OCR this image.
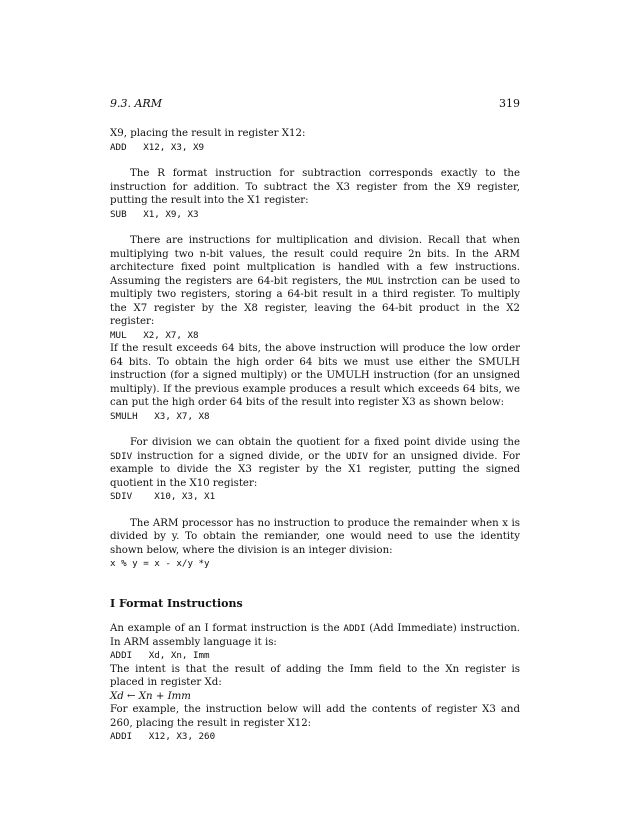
9.3. ARM	319

X9, placing the result in register X12:

ADD   X12, X3, X9

The R format instruction for subtraction corresponds exactly to the instruction for addition. To subtract the X3 register from the X9 register, putting the result into the X1 register:

SUB   X1, X9, X3

There are instructions for multiplication and division. Recall that when multiplying two n-bit values, the result could require 2n bits. In the ARM architecture fixed point multplication is handled with a few instructions. Assuming the registers are 64-bit registers, the MUL instrction can be used to multiply two registers, storing a 64-bit result in a third register. To multiply the X7 register by the X8 register, leaving the 64-bit product in the X2 register:

MUL   X2, X7, X8

If the result exceeds 64 bits, the above instruction will produce the low order 64 bits. To obtain the high order 64 bits we must use either the SMULH instruction (for a signed multiply) or the UMULH instruction (for an unsigned multiply). If the previous example produces a result which exceeds 64 bits, we can put the high order 64 bits of the result into register X3 as shown below:

SMULH   X3, X7, X8

For division we can obtain the quotient for a fixed point divide using the SDIV instruction for a signed divide, or the UDIV for an unsigned divide. For example to divide the X3 register by the X1 register, putting the signed quotient in the X10 register:

SDIV    X10, X3, X1

The ARM processor has no instruction to produce the remainder when x is divided by y. To obtain the remiander, one would need to use the identity shown below, where the division is an integer division:

x % y = x - x/y *y

I Format Instructions

An example of an I format instruction is the ADDI (Add Immediate) instruction. In ARM assembly language it is:

ADDI   Xd, Xn, Imm

The intent is that the result of adding the Imm field to the Xn register is placed in register Xd:

Xd ← Xn + Imm

For example, the instruction below will add the contents of register X3 and 260, placing the result in register X12:

ADDI   X12, X3, 260
